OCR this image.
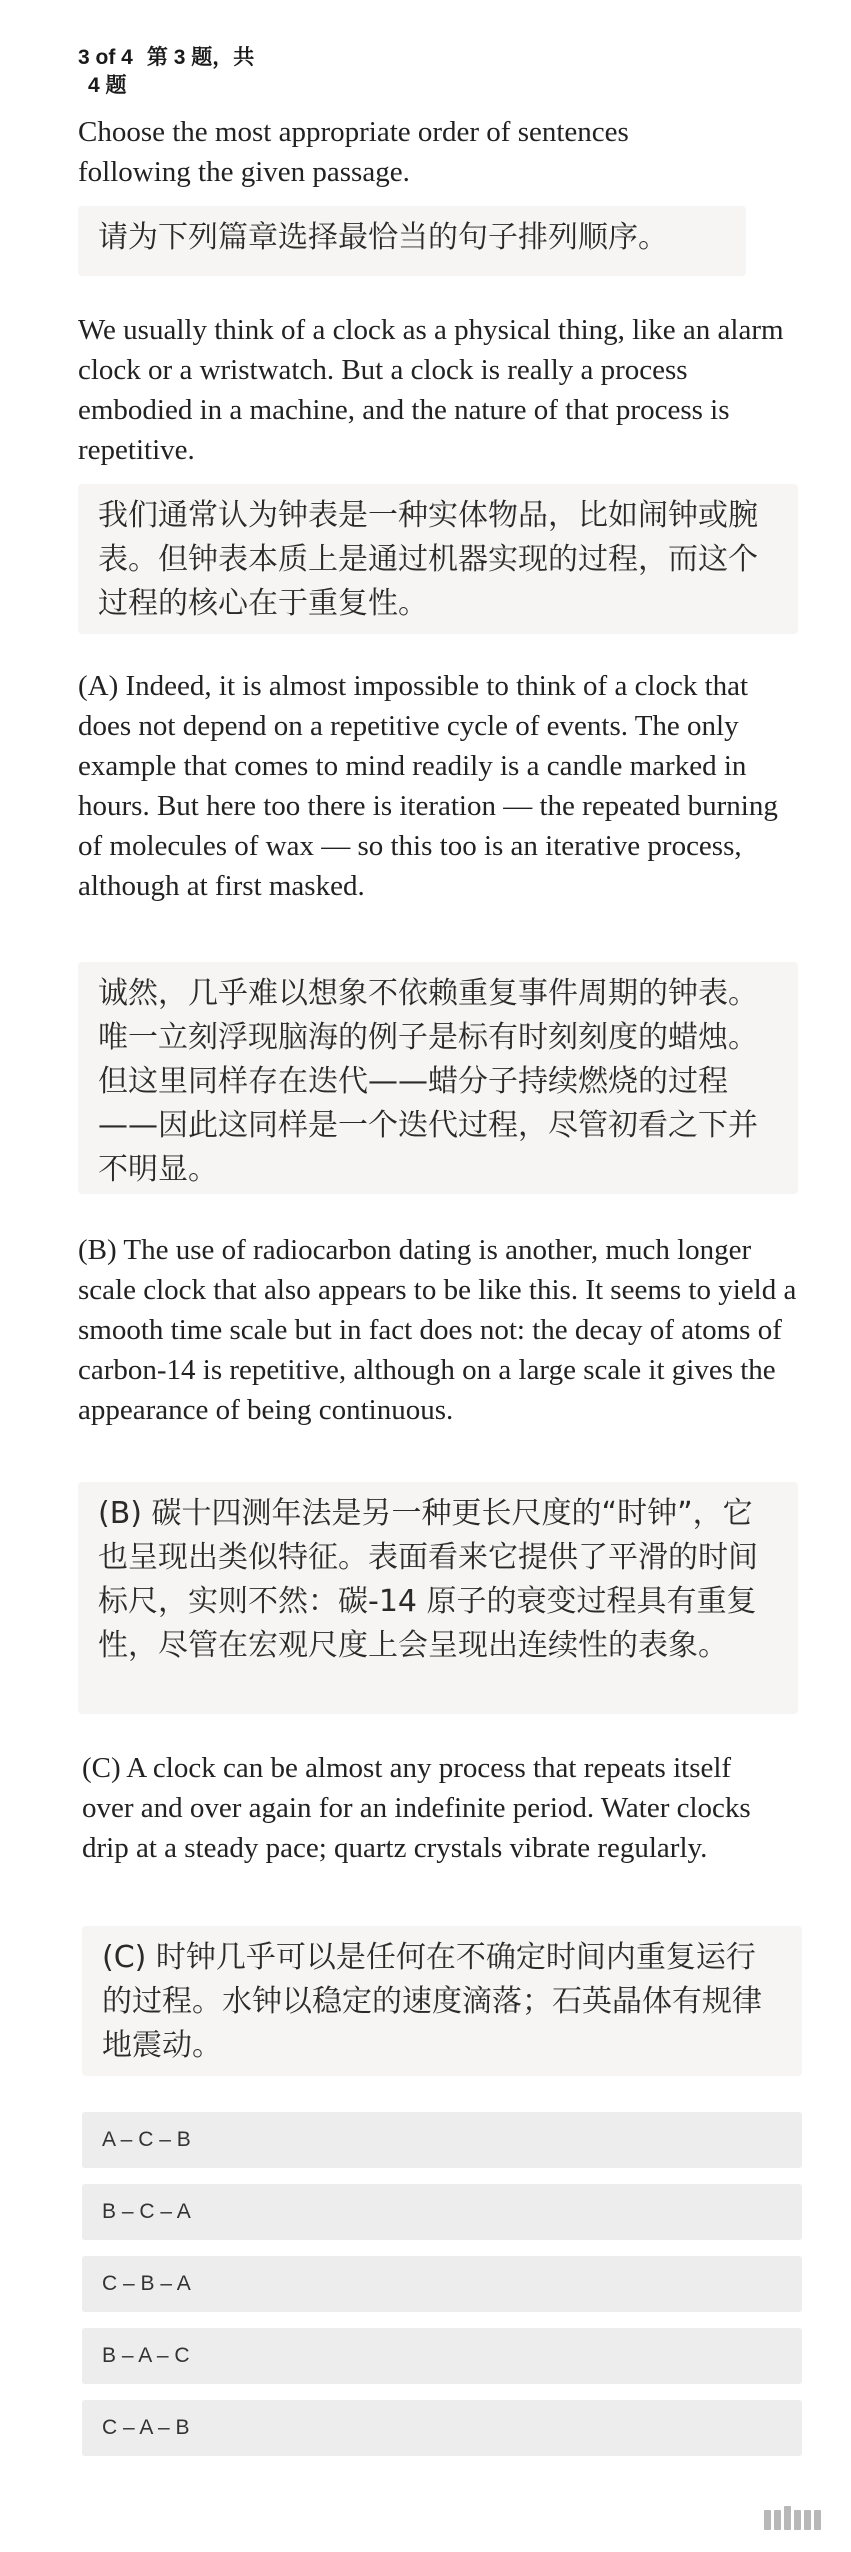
3 of 4 第 3 题，共
4 题

Choose the most appropriate order of sentences following the given passage.

请为下列篇章选择最恰当的句子排列顺序。

We usually think of a clock as a physical thing, like an alarm clock or a wristwatch. But a clock is really a process embodied in a machine, and the nature of that process is repetitive.

我们通常认为钟表是一种实体物品，比如闹钟或腕表。但钟表本质上是通过机器实现的过程，而这个过程的核心在于重复性。

(A) Indeed, it is almost impossible to think of a clock that does not depend on a repetitive cycle of events. The only example that comes to mind readily is a candle marked in hours. But here too there is iteration — the repeated burning of molecules of wax — so this too is an iterative process, although at first masked.

诚然，几乎难以想象不依赖重复事件周期的钟表。唯一立刻浮现脑海的例子是标有时刻刻度的蜡烛。但这里同样存在迭代——蜡分子持续燃烧的过程——因此这同样是一个迭代过程，尽管初看之下并不明显。

(B) The use of radiocarbon dating is another, much longer scale clock that also appears to be like this. It seems to yield a smooth time scale but in fact does not: the decay of atoms of carbon-14 is repetitive, although on a large scale it gives the appearance of being continuous.

(B) 碳十四测年法是另一种更长尺度的“时钟”，它也呈现出类似特征。表面看来它提供了平滑的时间标尺，实则不然：碳-14 原子的衰变过程具有重复性，尽管在宏观尺度上会呈现出连续性的表象。

(C) A clock can be almost any process that repeats itself over and over again for an indefinite period. Water clocks drip at a steady pace; quartz crystals vibrate regularly.

(C) 时钟几乎可以是任何在不确定时间内重复运行的过程。水钟以稳定的速度滴落；石英晶体有规律地震动。

A – C – B
B – C – A
C – B – A
B – A – C
C – A – B
